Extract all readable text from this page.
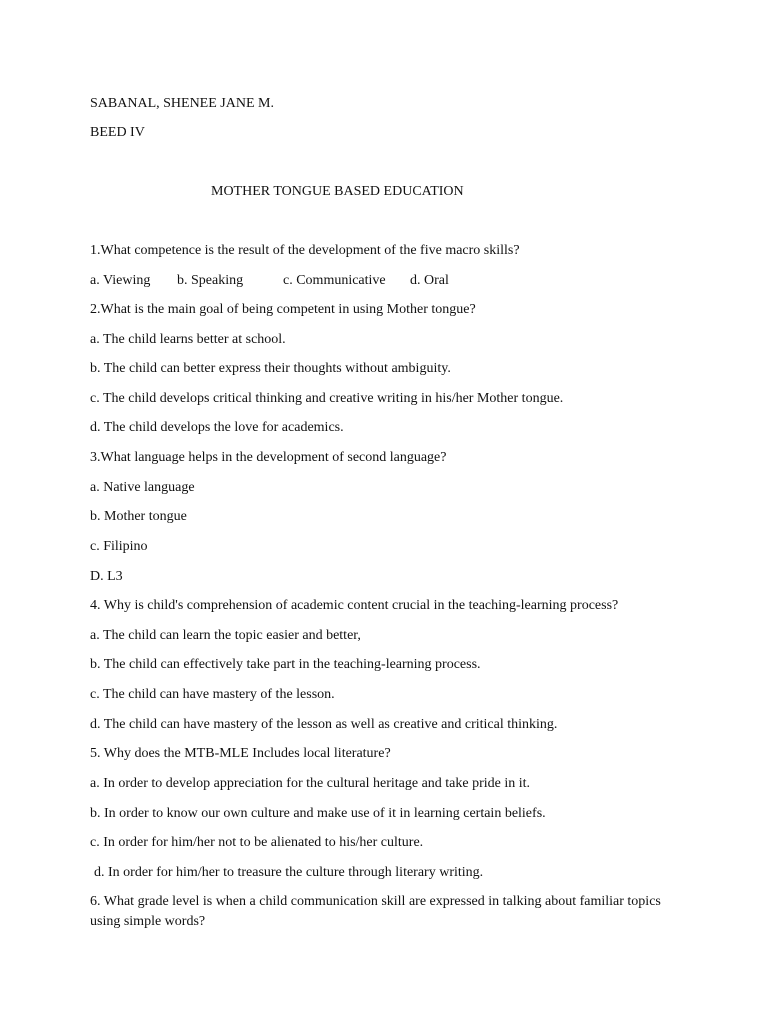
SABANAL, SHENEE JANE M.
BEED IV
MOTHER TONGUE BASED EDUCATION
1.What competence is the result of the development of the five macro skills?
a. Viewing b. Speaking	c. Communicative d. Oral
2.What is the main goal of being competent in using Mother tongue?
a. The child learns better at school.
b. The child can better express their thoughts without ambiguity.
c. The child develops critical thinking and creative writing in his/her Mother tongue.
d. The child develops the love for academics.
3.What language helps in the development of second language?
a. Native language
b. Mother tongue
c. Filipino
D. L3
4. Why is child's comprehension of academic content crucial in the teaching-learning process?
a. The child can learn the topic easier and better,
b. The child can effectively take part in the teaching-learning process.
c. The child can have mastery of the lesson.
d. The child can have mastery of the lesson as well as creative and critical thinking.
5. Why does the MTB-MLE Includes local literature?
a. In order to develop appreciation for the cultural heritage and take pride in it.
b. In order to know our own culture and make use of it in learning certain beliefs.
c. In order for him/her not to be alienated to his/her culture.
d. In order for him/her to treasure the culture through literary writing.
6. What grade level is when a child communication skill are expressed in talking about familiar topics using simple words?
